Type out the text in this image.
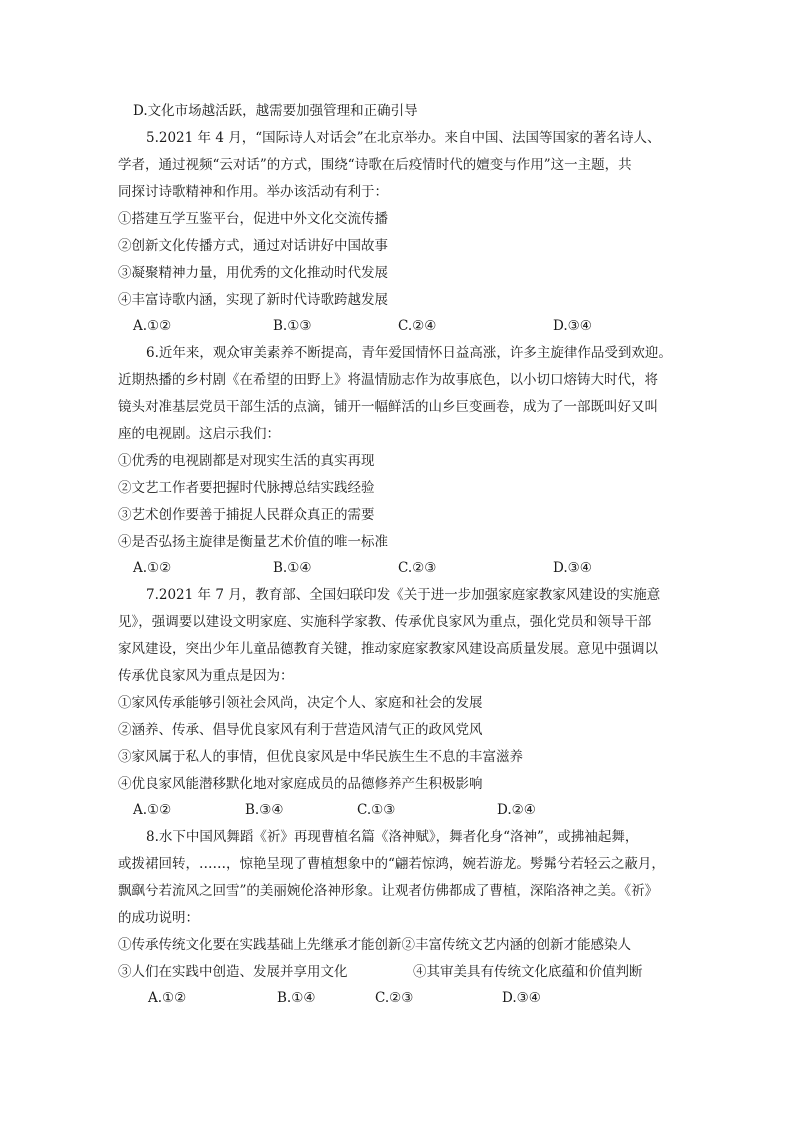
D.文化市场越活跃，越需要加强管理和正确引导
5.2021 年 4 月，“国际诗人对话会”在北京举办。来自中国、法国等国家的著名诗人、
学者，通过视频“云对话”的方式，围绕“诗歌在后疫情时代的嬗变与作用”这一主题，共
同探讨诗歌精神和作用。举办该活动有利于：
①搭建互学互鉴平台，促进中外文化交流传播
②创新文化传播方式，通过对话讲好中国故事
③凝聚精神力量，用优秀的文化推动时代发展
④丰富诗歌内涵，实现了新时代诗歌跨越发展
A.①②	B.①③	C.②④	D.③④
6.近年来，观众审美素养不断提高，青年爱国情怀日益高涨，许多主旋律作品受到欢迎。
近期热播的乡村剧《在希望的田野上》将温情励志作为故事底色，以小切口熔铸大时代，将
镜头对准基层党员干部生活的点滴，铺开一幅鲜活的山乡巨变画卷，成为了一部既叫好又叫
座的电视剧。这启示我们：
①优秀的电视剧都是对现实生活的真实再现
②文艺工作者要把握时代脉搏总结实践经验
③艺术创作要善于捕捉人民群众真正的需要
④是否弘扬主旋律是衡量艺术价值的唯一标准
A.①②	B.①④	C.②③	D.③④
7.2021 年 7 月，教育部、全国妇联印发《关于进一步加强家庭家教家风建设的实施意
见》，强调要以建设文明家庭、实施科学家教、传承优良家风为重点，强化党员和领导干部
家风建设，突出少年儿童品德教育关键，推动家庭家教家风建设高质量发展。意见中强调以
传承优良家风为重点是因为：
①家风传承能够引领社会风尚，决定个人、家庭和社会的发展
②涵养、传承、倡导优良家风有利于营造风清气正的政风党风
③家风属于私人的事情，但优良家风是中华民族生生不息的丰富滋养
④优良家风能潜移默化地对家庭成员的品德修养产生积极影响
A.①②	B.③④	C.①③	D.②④
8.水下中国风舞蹈《祈》再现曹植名篇《洛神赋》，舞者化身“洛神”，或拂袖起舞，
或拨裙回转，……，惊艳呈现了曹植想象中的“翩若惊鸿，婉若游龙。髣髴兮若轻云之蔽月，
飘飖兮若流风之回雪”的美丽婉伦洛神形象。让观者仿佛都成了曹植，深陷洛神之美。《祈》
的成功说明：
①传承传统文化要在实践基础上先继承才能创新②丰富传统文艺内涵的创新才能感染人
③人们在实践中创造、发展并享用文化	④其审美具有传统文化底蕴和价值判断
A.①②	B.①④	C.②③	D.③④
